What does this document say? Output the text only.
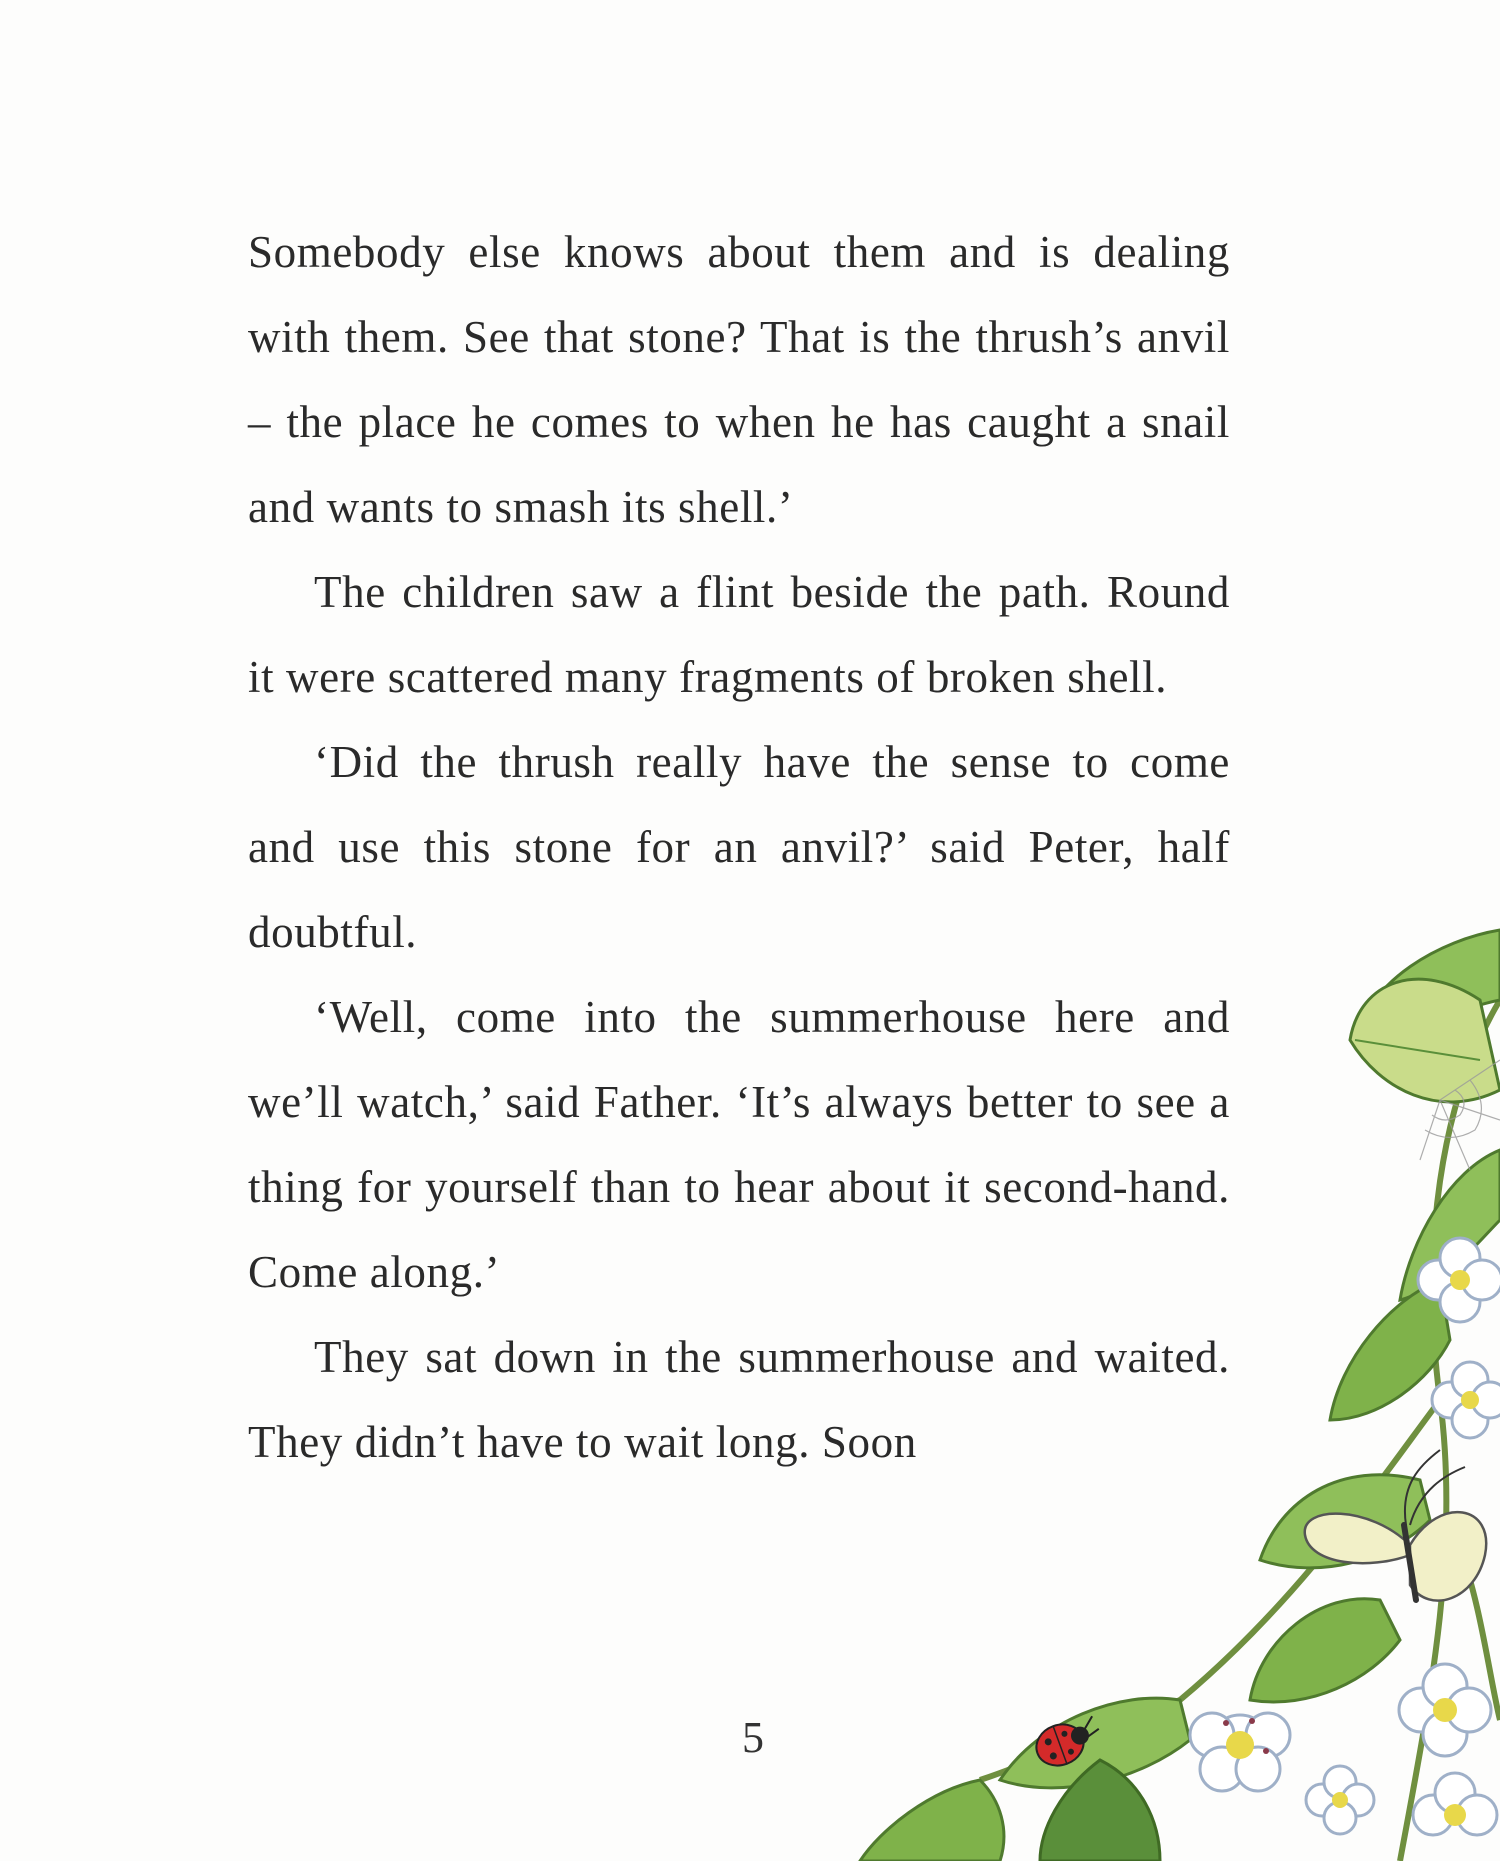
Somebody else knows about them and is dealing with them. See that stone? That is the thrush’s anvil – the place he comes to when he has caught a snail and wants to smash its shell.’

The children saw a flint beside the path. Round it were scattered many fragments of broken shell.

‘Did the thrush really have the sense to come and use this stone for an anvil?’ said Peter, half doubtful.

‘Well, come into the summerhouse here and we’ll watch,’ said Father. ‘It’s always better to see a thing for yourself than to hear about it second-hand. Come along.’

They sat down in the summerhouse and waited. They didn’t have to wait long. Soon

5
